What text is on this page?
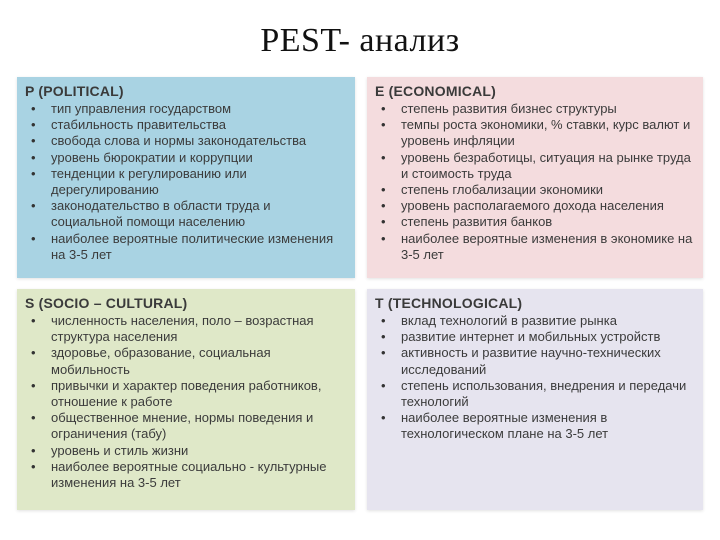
PEST- анализ
P (POLITICAL)
• тип управления государством
• стабильность правительства
• свобода слова и нормы законодательства
• уровень бюрократии и коррупции
• тенденции к регулированию или дерегулированию
• законодательство в области труда и социальной помощи населению
• наиболее вероятные политические изменения на 3-5 лет
E (ECONOMICAL)
• степень развития бизнес структуры
• темпы роста экономики, % ставки, курс валют и уровень инфляции
• уровень безработицы, ситуация на рынке труда и стоимость труда
• степень глобализации экономики
• уровень располагаемого дохода населения
• степень развития банков
• наиболее вероятные изменения в экономике на 3-5 лет
S (SOCIO – CULTURAL)
• численность населения, поло – возрастная структура населения
• здоровье, образование, социальная мобильность
• привычки и характер поведения работников, отношение к работе
• общественное мнение, нормы поведения и ограничения (табу)
• уровень и стиль жизни
• наиболее вероятные социально - культурные изменения на 3-5 лет
T (TECHNOLOGICAL)
• вклад технологий в развитие рынка
• развитие интернет и мобильных устройств
• активность и развитие научно-технических исследований
• степень использования, внедрения и передачи технологий
• наиболее вероятные изменения в технологическом плане на 3-5 лет
